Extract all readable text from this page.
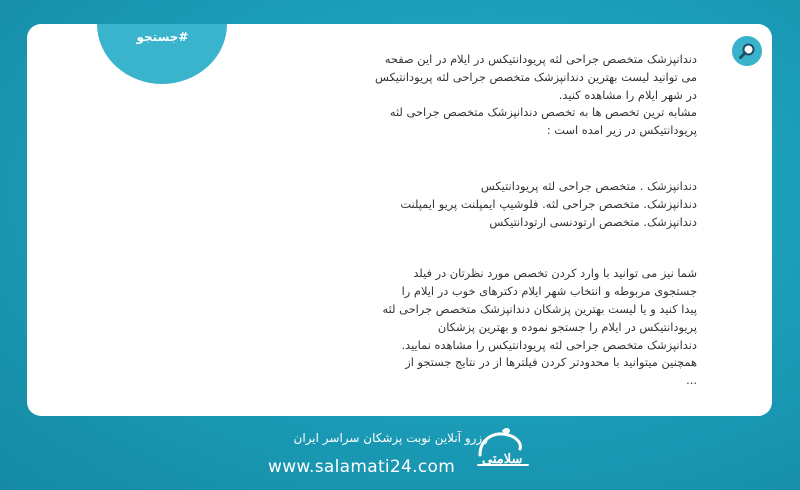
#جستجو

دندانپزشک متخصص جراحی لثه پریودانتیکس در ایلام در این صفحه

می توانید لیست بهترین دندانپزشک متخصص جراحی لثه پریودانتیکس

در شهر ایلام را مشاهده کنید.

مشابه ترین تخصص ها به تخصص دندانپزشک متخصص جراحی لثه

پریودانتیکس در زیر امده است :

دندانپزشک . متخصص جراحی لثه پریودانتیکس

دندانپزشک. متخصص جراحی لثه. فلوشیپ ایمپلنت پریو ایمپلنت

دندانپزشک. متخصص ارتودنسی ارتودانتیکس

شما نیز می توانید با وارد کردن تخصص مورد نظرتان در فیلد

جستجوی مربوطه و انتخاب شهر ایلام دکترهای خوب در ایلام را

پیدا کنید و یا لیست بهترین پزشکان دندانپزشک متخصص جراحی لثه

پریودانتیکس در ایلام را جستجو نموده و بهترین پزشکان

دندانپزشک متخصص جراحی لثه پریودانتیکس را مشاهده نمایید.

همچنین میتوانید با محدودتر کردن فیلترها از در نتایج جستجو از

...

رزرو آنلاین نوبت پزشکان سراسر ایران
www.salamati24.com	سلامتی
